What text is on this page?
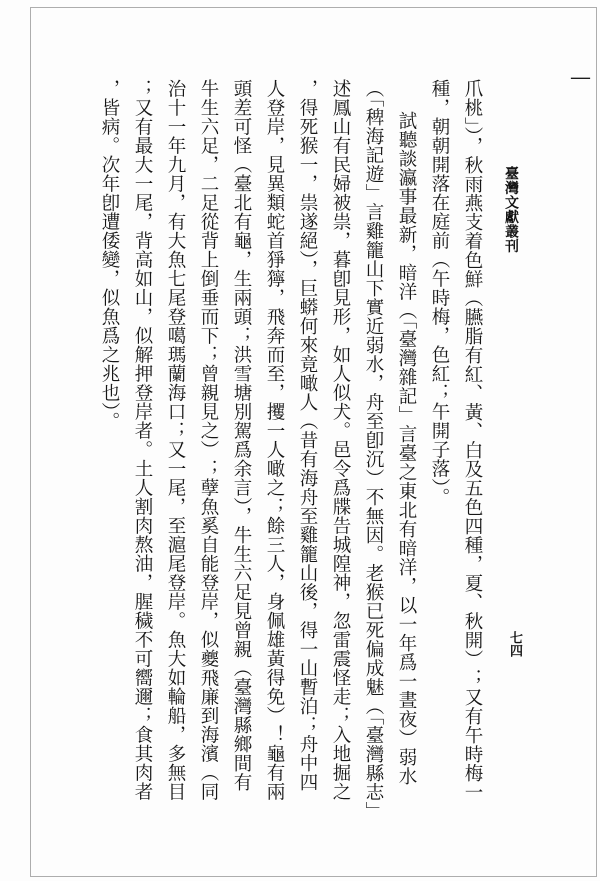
—
臺灣文獻叢刊
七四
爪桃」），秋雨燕支着色鮮（臙脂有紅、黃、白及五色四種，夏、秋開）；又有午時梅一
種，朝朝開落在庭前（午時梅，色紅；午開子落）。
試聽談瀛事最新，暗洋（「臺灣雜記」言臺之東北有暗洋，以一年爲一晝夜）弱水
（「稗海記遊」言雞籠山下實近弱水，舟至卽沉）不無因。老猴已死偏成魅（「臺灣縣志」
述鳳山有民婦被祟，暮卽見形，如人似犬。邑令爲牒告城隍神，忽雷震怪走；入地掘之
，得死猴一，祟遂絕），巨蟒何來竟噉人（昔有海舟至雞籠山後，得一山暫泊；舟中四
人登岸，見異類蛇首猙獰，飛奔而至，攫一人噉之；餘三人，身佩雄黃得免）！龜有兩
頭差可怪（臺北有龜，生兩頭；洪雪塘別駕爲余言），牛生六足見曾親（臺灣縣鄉間有
牛生六足，二足從背上倒垂而下；曾親見之）；孽魚奚自能登岸，似夔飛廉到海濱（同
治十一年九月，有大魚七尾登噶瑪蘭海口；又一尾，至滬尾登岸。魚大如輪船，多無目
；又有最大一尾，背高如山，似解押登岸者。土人割肉熬油，腥穢不可嚮邇；食其肉者
，皆病。次年卽遭倭變，似魚爲之兆也）。
